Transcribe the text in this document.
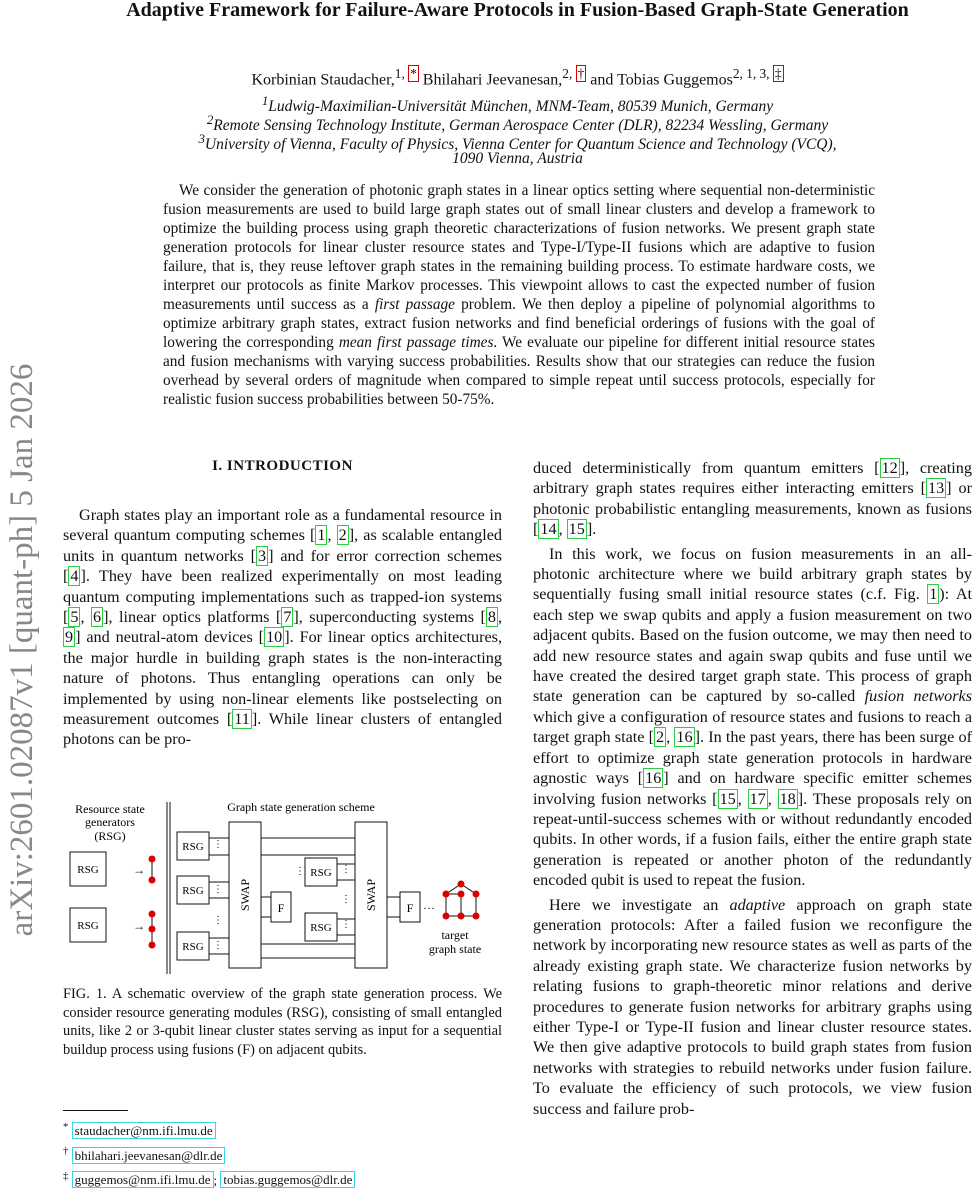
arXiv:2601.02087v1 [quant-ph] 5 Jan 2026
Adaptive Framework for Failure-Aware Protocols in Fusion-Based Graph-State Generation
Korbinian Staudacher,$^{1,}$ * Bhilahari Jeevanesan,$^{2,}$ † and Tobias Guggemos$^{2, 1, 3,}$ ‡
$^1$Ludwig-Maximilian-Universität München, MNM-Team, 80539 Munich, Germany
$^2$Remote Sensing Technology Institute, German Aerospace Center (DLR), 82234 Wessling, Germany
$^3$University of Vienna, Faculty of Physics, Vienna Center for Quantum Science and Technology (VCQ),
1090 Vienna, Austria
We consider the generation of photonic graph states in a linear optics setting where sequential non-deterministic fusion measurements are used to build large graph states out of small linear clusters and develop a framework to optimize the building process using graph theoretic characterizations of fusion networks. We present graph state generation protocols for linear cluster resource states and Type-I/Type-II fusions which are adaptive to fusion failure, that is, they reuse leftover graph states in the remaining building process. To estimate hardware costs, we interpret our protocols as finite Markov processes. This viewpoint allows to cast the expected number of fusion measurements until success as a first passage problem. We then deploy a pipeline of polynomial algorithms to optimize arbitrary graph states, extract fusion networks and find beneficial orderings of fusions with the goal of lowering the corresponding mean first passage times. We evaluate our pipeline for different initial resource states and fusion mechanisms with varying success probabilities. Results show that our strategies can reduce the fusion overhead by several orders of magnitude when compared to simple repeat until success protocols, especially for realistic fusion success probabilities between 50-75%.
I. INTRODUCTION

Graph states play an important role as a fundamental resource in several quantum computing schemes [ 1 , 2 ], as scalable entangled units in quantum networks [ 3 ] and for error correction schemes [ 4 ]. They have been realized experimentally on most leading quantum computing implementations such as trapped-ion systems [ 5 , 6 ], linear optics platforms [ 7 ], superconducting systems [ 8 , 9 ] and neutral-atom devices [ 10 ]. For linear optics architectures, the major hurdle in building graph states is the non-interacting nature of photons. Thus entangling operations can only be implemented by using non-linear elements like postselecting on measurement outcomes [ 11 ]. While linear clusters of entangled photons can be pro-

Resource state
generators
(RSG)
Graph state generation scheme
RSG
RSG
→
→
RSG
RSG
RSG
⋮
⋮
⋮
⋮
SWAP F
⋮ RSG
RSG
⋮
⋮
⋮
SWAP F ···
target
graph state
FIG. 1. A schematic overview of the graph state generation process. We consider resource generating modules (RSG), consisting of small entangled units, like 2 or 3-qubit linear cluster states serving as input for a sequential buildup process using fusions (F) on adjacent qubits.
* staudacher@nm.ifi.lmu.de
† bhilahari.jeevanesan@dlr.de
‡ guggemos@nm.ifi.lmu.de ; tobias.guggemos@dlr.de

duced deterministically from quantum emitters [ 12 ], creating arbitrary graph states requires either interacting emitters [ 13 ] or photonic probabilistic entangling measurements, known as fusions [ 14 , 15 ].

In this work, we focus on fusion measurements in an all-photonic architecture where we build arbitrary graph states by sequentially fusing small initial resource states (c.f. Fig. 1 ): At each step we swap qubits and apply a fusion measurement on two adjacent qubits. Based on the fusion outcome, we may then need to add new resource states and again swap qubits and fuse until we have created the desired target graph state. This process of graph state generation can be captured by so-called fusion networks which give a configuration of resource states and fusions to reach a target graph state [ 2 , 16 ]. In the past years, there has been surge of effort to optimize graph state generation protocols in hardware agnostic ways [ 16 ] and on hardware specific emitter schemes involving fusion networks [ 15 , 17 , 18 ]. These proposals rely on repeat-until-success schemes with or without redundantly encoded qubits. In other words, if a fusion fails, either the entire graph state generation is repeated or another photon of the redundantly encoded qubit is used to repeat the fusion.

Here we investigate an adaptive approach on graph state generation protocols: After a failed fusion we reconfigure the network by incorporating new resource states as well as parts of the already existing graph state. We characterize fusion networks by relating fusions to graph-theoretic minor relations and derive procedures to generate fusion networks for arbitrary graphs using either Type-I or Type-II fusion and linear cluster resource states. We then give adaptive protocols to build graph states from fusion networks with strategies to rebuild networks under fusion failure. To evaluate the efficiency of such protocols, we view fusion success and failure prob-
